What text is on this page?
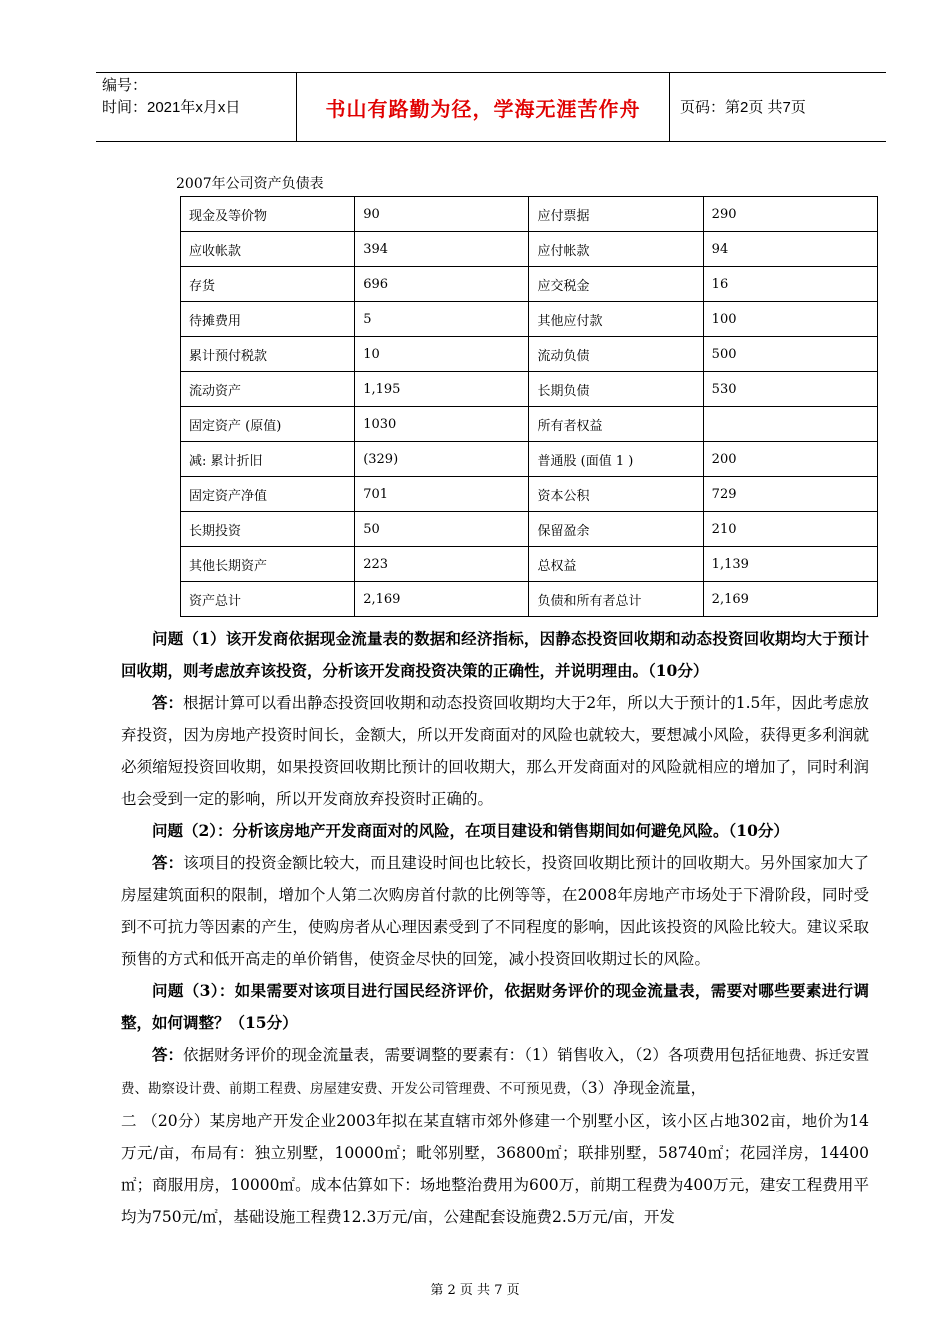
编号：
时间：2021年x月x日	书山有路勤为径，学海无涯苦作舟	页码：第2页 共7页
2007年公司资产负债表
现金及等价物	90	应付票据	290
应收帐款	394	应付帐款	94
存货	696	应交税金	16
待摊费用	5	其他应付款	100
累计预付税款	10	流动负债	500
流动资产	1,195	长期负债	530
固定资产 (原值)	1030	所有者权益	
减: 累计折旧	(329)	普通股 (面值 1 )	200
固定资产净值	701	资本公积	729
长期投资	50	保留盈余	210
其他长期资产	223	总权益	1,139
资产总计	2,169	负债和所有者总计	2,169

问题（1）该开发商依据现金流量表的数据和经济指标，因静态投资回收期和动态投资回收期均大于预计回收期，则考虑放弃该投资，分析该开发商投资决策的正确性，并说明理由。（10分）

答：根据计算可以看出静态投资回收期和动态投资回收期均大于2年，所以大于预计的1.5年，因此考虑放弃投资，因为房地产投资时间长，金额大，所以开发商面对的风险也就较大，要想减小风险，获得更多利润就必须缩短投资回收期，如果投资回收期比预计的回收期大，那么开发商面对的风险就相应的增加了，同时利润也会受到一定的影响，所以开发商放弃投资时正确的。

问题（2）：分析该房地产开发商面对的风险，在项目建设和销售期间如何避免风险。（10分）

答：该项目的投资金额比较大，而且建设时间也比较长，投资回收期比预计的回收期大。另外国家加大了房屋建筑面积的限制，增加个人第二次购房首付款的比例等等，在2008年房地产市场处于下滑阶段，同时受到不可抗力等因素的产生，使购房者从心理因素受到了不同程度的影响，因此该投资的风险比较大。建议采取预售的方式和低开高走的单价销售，使资金尽快的回笼，减小投资回收期过长的风险。

问题（3）：如果需要对该项目进行国民经济评价，依据财务评价的现金流量表，需要对哪些要素进行调整，如何调整？（15分）

答：依据财务评价的现金流量表，需要调整的要素有：（1）销售收入，（2）各项费用包括征地费、拆迁安置费、勘察设计费、前期工程费、房屋建安费、开发公司管理费、不可预见费，（3）净现金流量，

二 （20分）某房地产开发企业2003年拟在某直辖市郊外修建一个别墅小区，该小区占地302亩，地价为14万元/亩，布局有：独立别墅，10000㎡；毗邻别墅，36800㎡；联排别墅，58740㎡；花园洋房，14400㎡；商服用房，10000㎡。成本估算如下：场地整治费用为600万，前期工程费为400万元，建安工程费用平均为750元/㎡，基础设施工程费12.3万元/亩，公建配套设施费2.5万元/亩，开发

第 2 页 共 7 页
